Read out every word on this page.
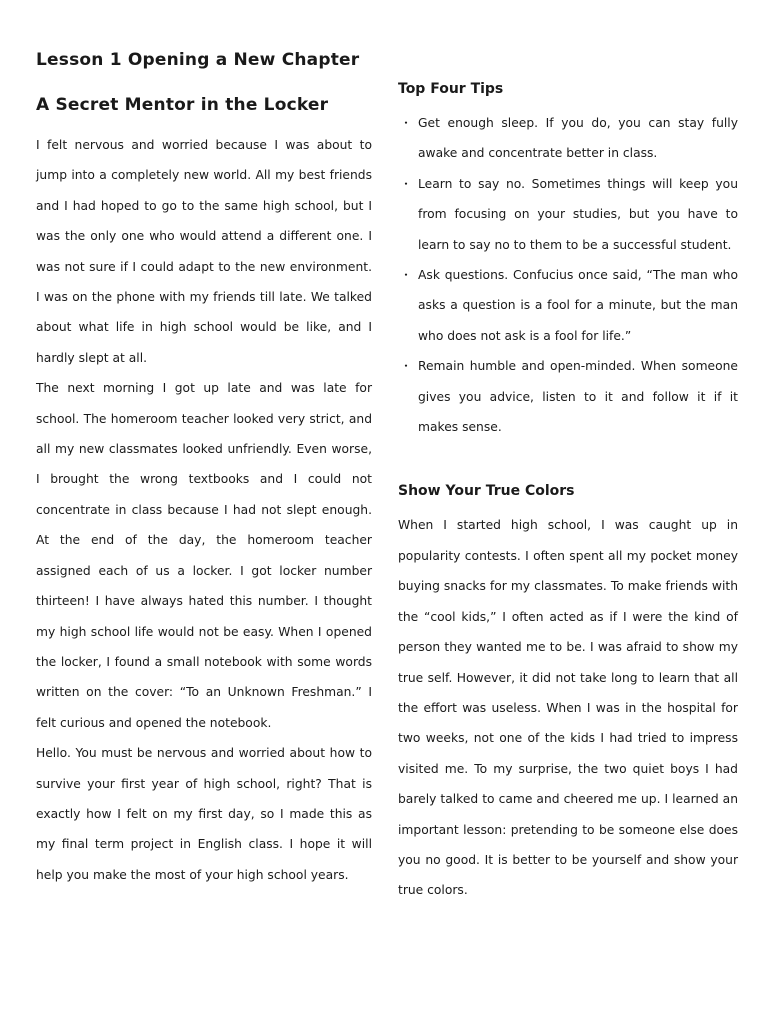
Lesson 1 Opening a New Chapter
A Secret Mentor in the Locker

I felt nervous and worried because I was about to jump into a completely new world. All my best friends and I had hoped to go to the same high school, but I was the only one who would attend a different one. I was not sure if I could adapt to the new environment. I was on the phone with my friends till late. We talked about what life in high school would be like, and I hardly slept at all.

The next morning I got up late and was late for school. The homeroom teacher looked very strict, and all my new classmates looked unfriendly. Even worse, I brought the wrong textbooks and I could not concentrate in class because I had not slept enough. At the end of the day, the homeroom teacher assigned each of us a locker. I got locker number thirteen! I have always hated this number. I thought my high school life would not be easy. When I opened the locker, I found a small notebook with some words written on the cover: “To an Unknown Freshman.” I felt curious and opened the notebook.

Hello. You must be nervous and worried about how to survive your first year of high school, right? That is exactly how I felt on my first day, so I made this as my final term project in English class. I hope it will help you make the most of your high school years.

Top Four Tips
・ Get enough sleep. If you do, you can stay fully awake and concentrate better in class.
・ Learn to say no. Sometimes things will keep you from focusing on your studies, but you have to learn to say no to them to be a successful student.
・ Ask questions. Confucius once said, “The man who asks a question is a fool for a minute, but the man who does not ask is a fool for life.”
・ Remain humble and open-minded. When someone gives you advice, listen to it and follow it if it makes sense.
Show Your True Colors

When I started high school, I was caught up in popularity contests. I often spent all my pocket money buying snacks for my classmates. To make friends with the “cool kids,” I often acted as if I were the kind of person they wanted me to be. I was afraid to show my true self. However, it did not take long to learn that all the effort was useless. When I was in the hospital for two weeks, not one of the kids I had tried to impress visited me. To my surprise, the two quiet boys I had barely talked to came and cheered me up. I learned an important lesson: pretending to be someone else does you no good. It is better to be yourself and show your true colors.
